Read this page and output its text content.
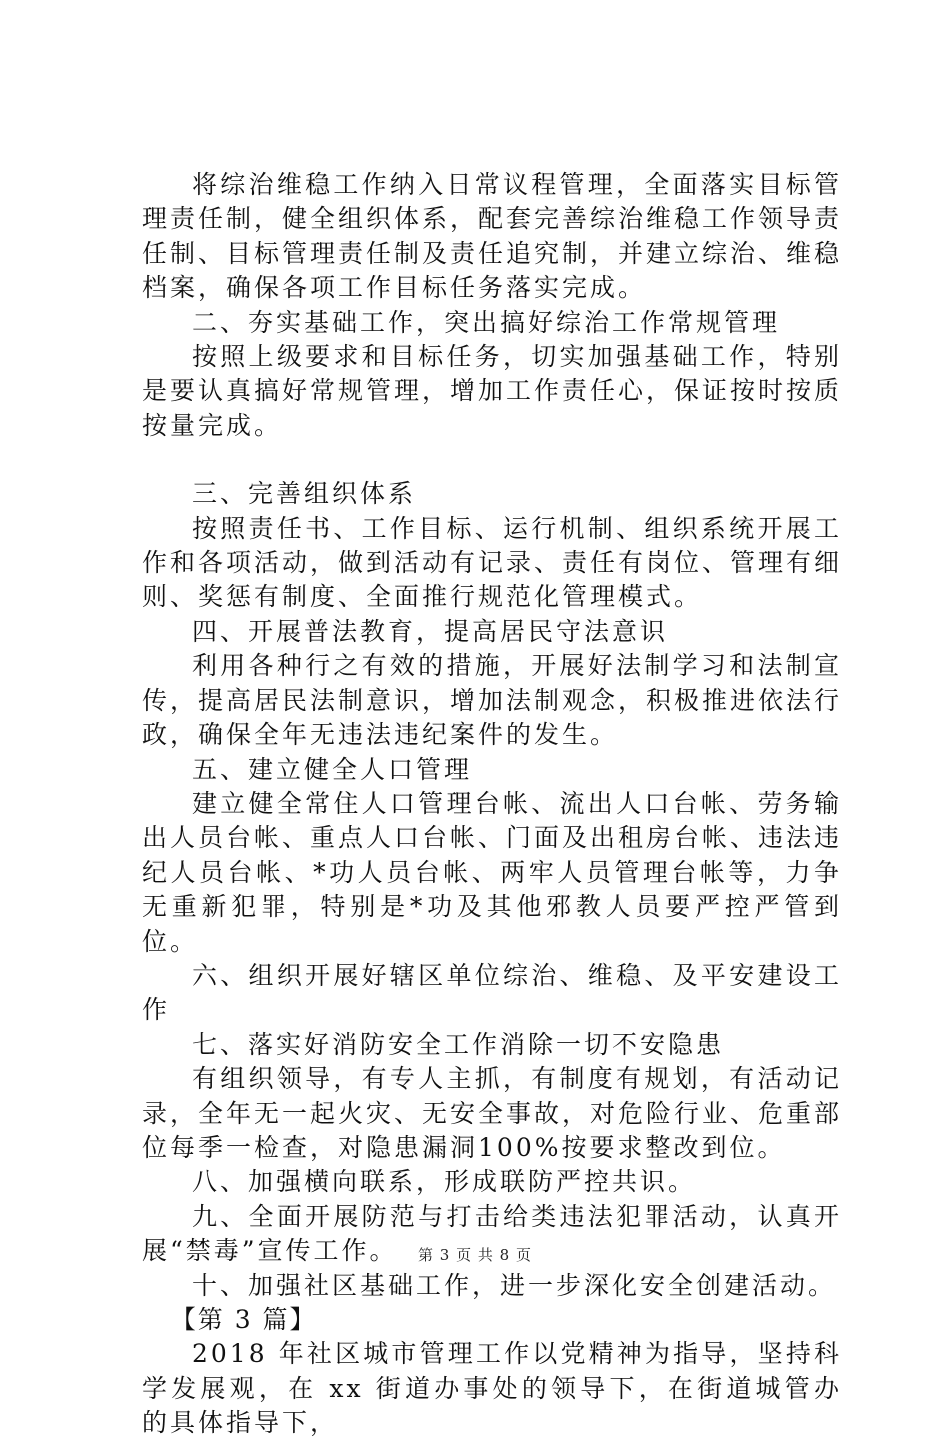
将综治维稳工作纳入日常议程管理，全面落实目标管理责任制，健全组织体系，配套完善综治维稳工作领导责任制、目标管理责任制及责任追究制，并建立综治、维稳档案，确保各项工作目标任务落实完成。

二、夯实基础工作，突出搞好综治工作常规管理

按照上级要求和目标任务，切实加强基础工作，特别是要认真搞好常规管理，增加工作责任心，保证按时按质按量完成。

三、完善组织体系

按照责任书、工作目标、运行机制、组织系统开展工作和各项活动，做到活动有记录、责任有岗位、管理有细则、奖惩有制度、全面推行规范化管理模式。

四、开展普法教育，提高居民守法意识

利用各种行之有效的措施，开展好法制学习和法制宣传，提高居民法制意识，增加法制观念，积极推进依法行政，确保全年无违法违纪案件的发生。

五、建立健全人口管理

建立健全常住人口管理台帐、流出人口台帐、劳务输出人员台帐、重点人口台帐、门面及出租房台帐、违法违纪人员台帐、*功人员台帐、两牢人员管理台帐等，力争无重新犯罪，特别是*功及其他邪教人员要严控严管到位。

六、组织开展好辖区单位综治、维稳、及平安建设工作

七、落实好消防安全工作消除一切不安隐患

有组织领导，有专人主抓，有制度有规划，有活动记录，全年无一起火灾、无安全事故，对危险行业、危重部位每季一检查，对隐患漏洞100%按要求整改到位。

八、加强横向联系，形成联防严控共识。

九、全面开展防范与打击给类违法犯罪活动，认真开展“禁毒”宣传工作。

十、加强社区基础工作，进一步深化安全创建活动。

【第 3 篇】

2018 年社区城市管理工作以党精神为指导，坚持科学发展观，在 xx 街道办事处的领导下，在街道城管办的具体指导下，

第 3 页 共 8 页
